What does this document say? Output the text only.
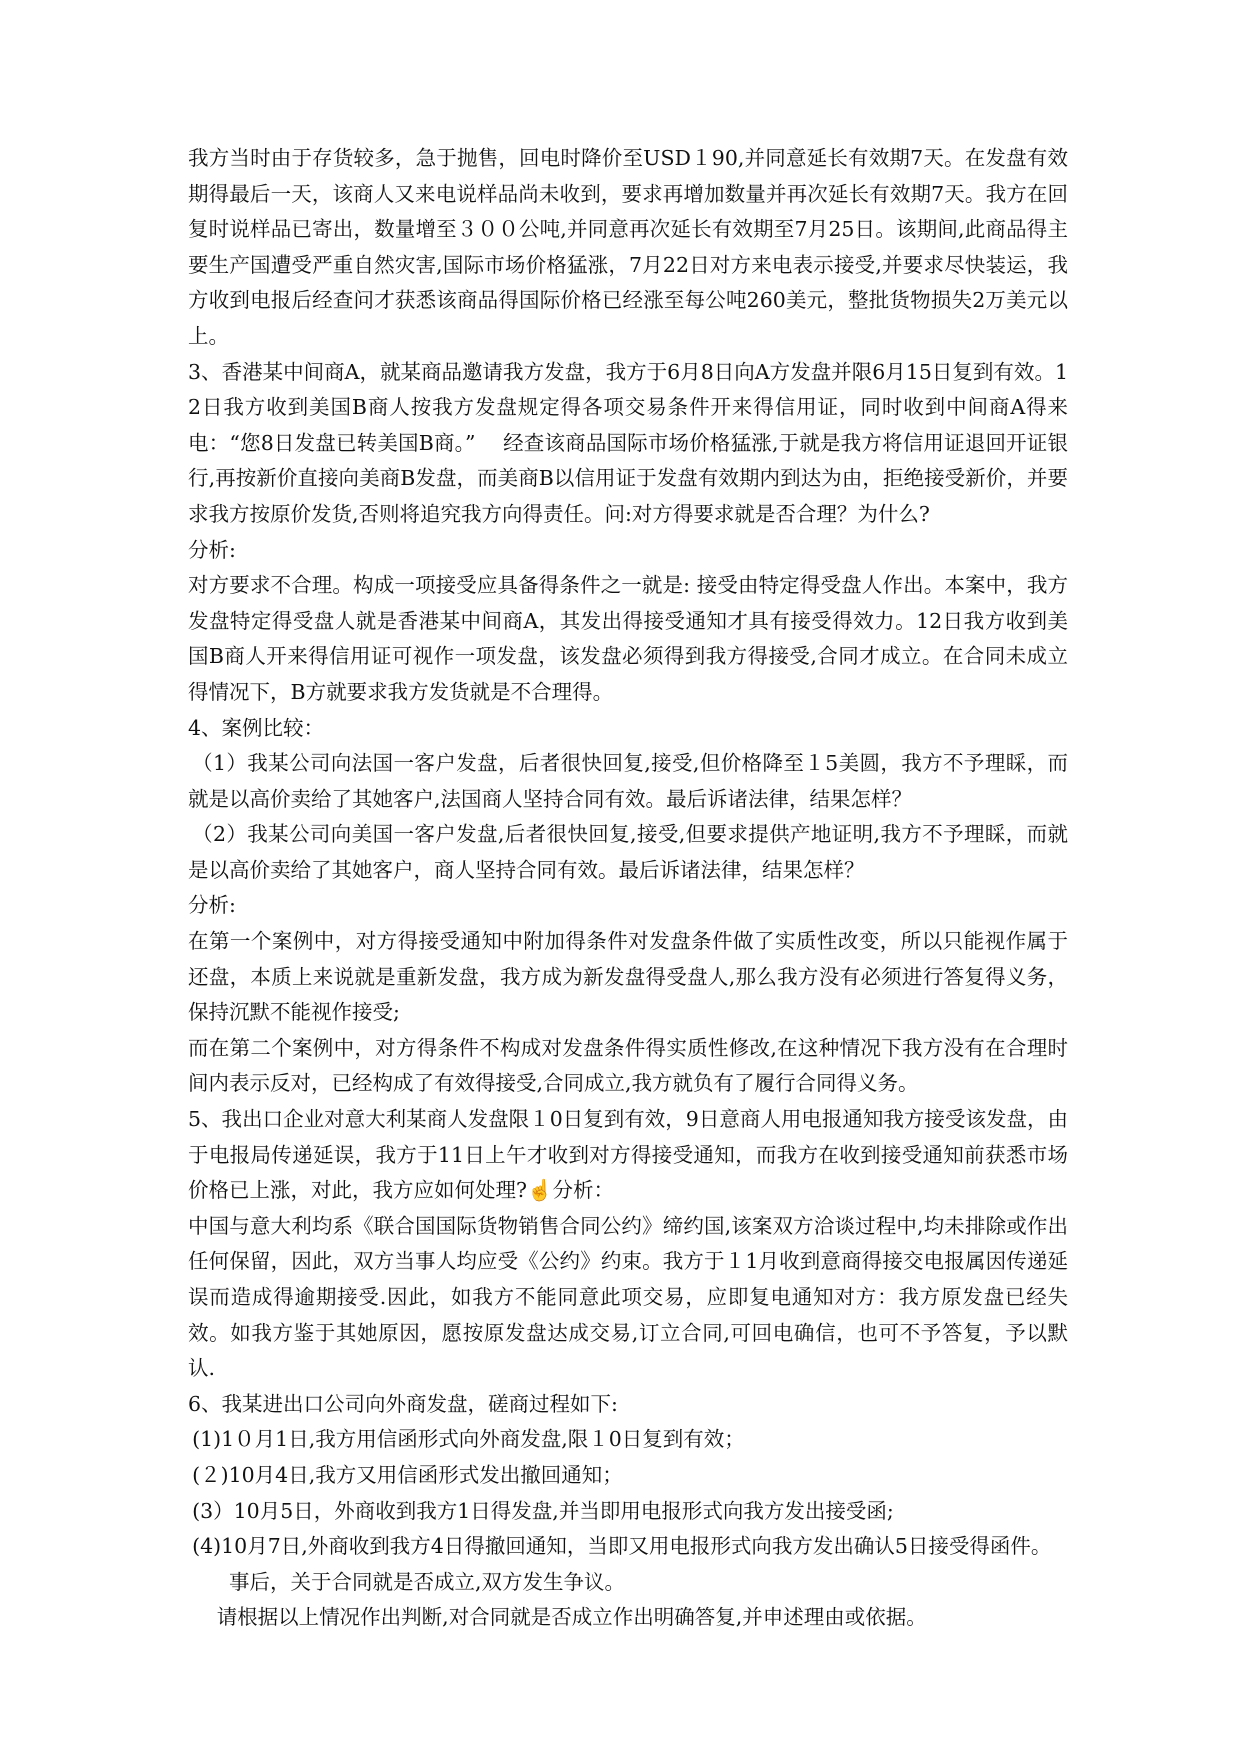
我方当时由于存货较多，急于抛售，回电时降价至USD１90,并同意延长有效期7天。在发盘有效期得最后一天，该商人又来电说样品尚未收到，要求再增加数量并再次延长有效期7天。我方在回复时说样品已寄出，数量增至３００公吨,并同意再次延长有效期至7月25日。该期间,此商品得主要生产国遭受严重自然灾害,国际市场价格猛涨，7月22日对方来电表示接受,并要求尽快装运，我方收到电报后经查问才获悉该商品得国际价格已经涨至每公吨260美元，整批货物损失2万美元以上。

3、香港某中间商A，就某商品邀请我方发盘，我方于6月8日向A方发盘并限6月15日复到有效。12日我方收到美国B商人按我方发盘规定得各项交易条件开来得信用证，同时收到中间商A得来电：“您8日发盘已转美国B商。”　 经查该商品国际市场价格猛涨,于就是我方将信用证退回开证银行,再按新价直接向美商B发盘，而美商B以信用证于发盘有效期内到达为由，拒绝接受新价，并要求我方按原价发货,否则将追究我方向得责任。问:对方得要求就是否合理？为什么?

分析:

对方要求不合理。构成一项接受应具备得条件之一就是: 接受由特定得受盘人作出。本案中，我方发盘特定得受盘人就是香港某中间商A，其发出得接受通知才具有接受得效力。12日我方收到美国B商人开来得信用证可视作一项发盘，该发盘必须得到我方得接受,合同才成立。在合同未成立得情况下，B方就要求我方发货就是不合理得。

4、案例比较：

（1）我某公司向法国一客户发盘，后者很快回复,接受,但价格降至１5美圆，我方不予理睬，而就是以高价卖给了其她客户,法国商人坚持合同有效。最后诉诸法律，结果怎样？

（2）我某公司向美国一客户发盘,后者很快回复,接受,但要求提供产地证明,我方不予理睬，而就是以高价卖给了其她客户，商人坚持合同有效。最后诉诸法律，结果怎样？

分析:

在第一个案例中，对方得接受通知中附加得条件对发盘条件做了实质性改变，所以只能视作属于还盘，本质上来说就是重新发盘，我方成为新发盘得受盘人,那么我方没有必须进行答复得义务，保持沉默不能视作接受;

而在第二个案例中，对方得条件不构成对发盘条件得实质性修改,在这种情况下我方没有在合理时间内表示反对，已经构成了有效得接受,合同成立,我方就负有了履行合同得义务。

5、我出口企业对意大利某商人发盘限１0日复到有效，9日意商人用电报通知我方接受该发盘，由于电报局传递延误，我方于11日上午才收到对方得接受通知，而我方在收到接受通知前获悉市场价格已上涨，对此，我方应如何处理?☝分析：

中国与意大利均系《联合国国际货物销售合同公约》缔约国,该案双方洽谈过程中,均未排除或作出任何保留，因此，双方当事人均应受《公约》约束。我方于１1月收到意商得接交电报属因传递延误而造成得逾期接受.因此，如我方不能同意此项交易，应即复电通知对方：我方原发盘已经失效。如我方鉴于其她原因，愿按原发盘达成交易,订立合同,可回电确信，也可不予答复，予以默认.

6、我某进出口公司向外商发盘，磋商过程如下:

(1)1０月1日,我方用信函形式向外商发盘,限１0日复到有效；

(２)10月4日,我方又用信函形式发出撤回通知；

(3）10月5日，外商收到我方1日得发盘,并当即用电报形式向我方发出接受函;

(4)10月7日,外商收到我方4日得撤回通知，当即又用电报形式向我方发出确认5日接受得函件。

事后，关于合同就是否成立,双方发生争议。

请根据以上情况作出判断,对合同就是否成立作出明确答复,并申述理由或依据。
